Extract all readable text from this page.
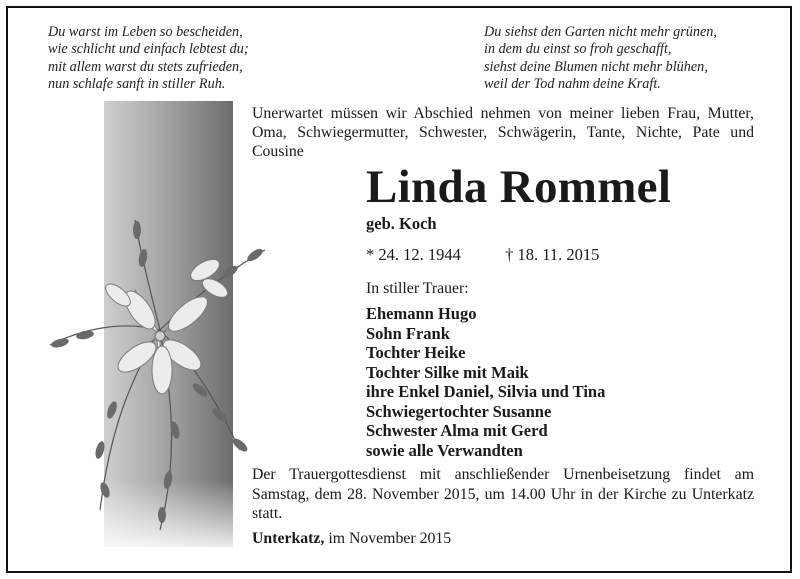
Du warst im Leben so bescheiden,
wie schlicht und einfach lebtest du;
mit allem warst du stets zufrieden,
nun schlafe sanft in stiller Ruh.
Du siehst den Garten nicht mehr grünen,
in dem du einst so froh geschafft,
siehst deine Blumen nicht mehr blühen,
weil der Tod nahm deine Kraft.
Unerwartet müssen wir Abschied nehmen von meiner lieben Frau, Mutter, Oma, Schwiegermutter, Schwester, Schwägerin, Tante, Nichte, Pate und Cousine
Linda Rommel
geb. Koch
* 24. 12. 1944	† 18. 11. 2015
In stiller Trauer:
Ehemann Hugo
Sohn Frank
Tochter Heike
Tochter Silke mit Maik
ihre Enkel Daniel, Silvia und Tina
Schwiegertochter Susanne
Schwester Alma mit Gerd
sowie alle Verwandten
Der Trauergottesdienst mit anschließender Urnenbeisetzung findet am Samstag, dem 28. November 2015, um 14.00 Uhr in der Kirche zu Unterkatz statt.
Unterkatz, im November 2015
